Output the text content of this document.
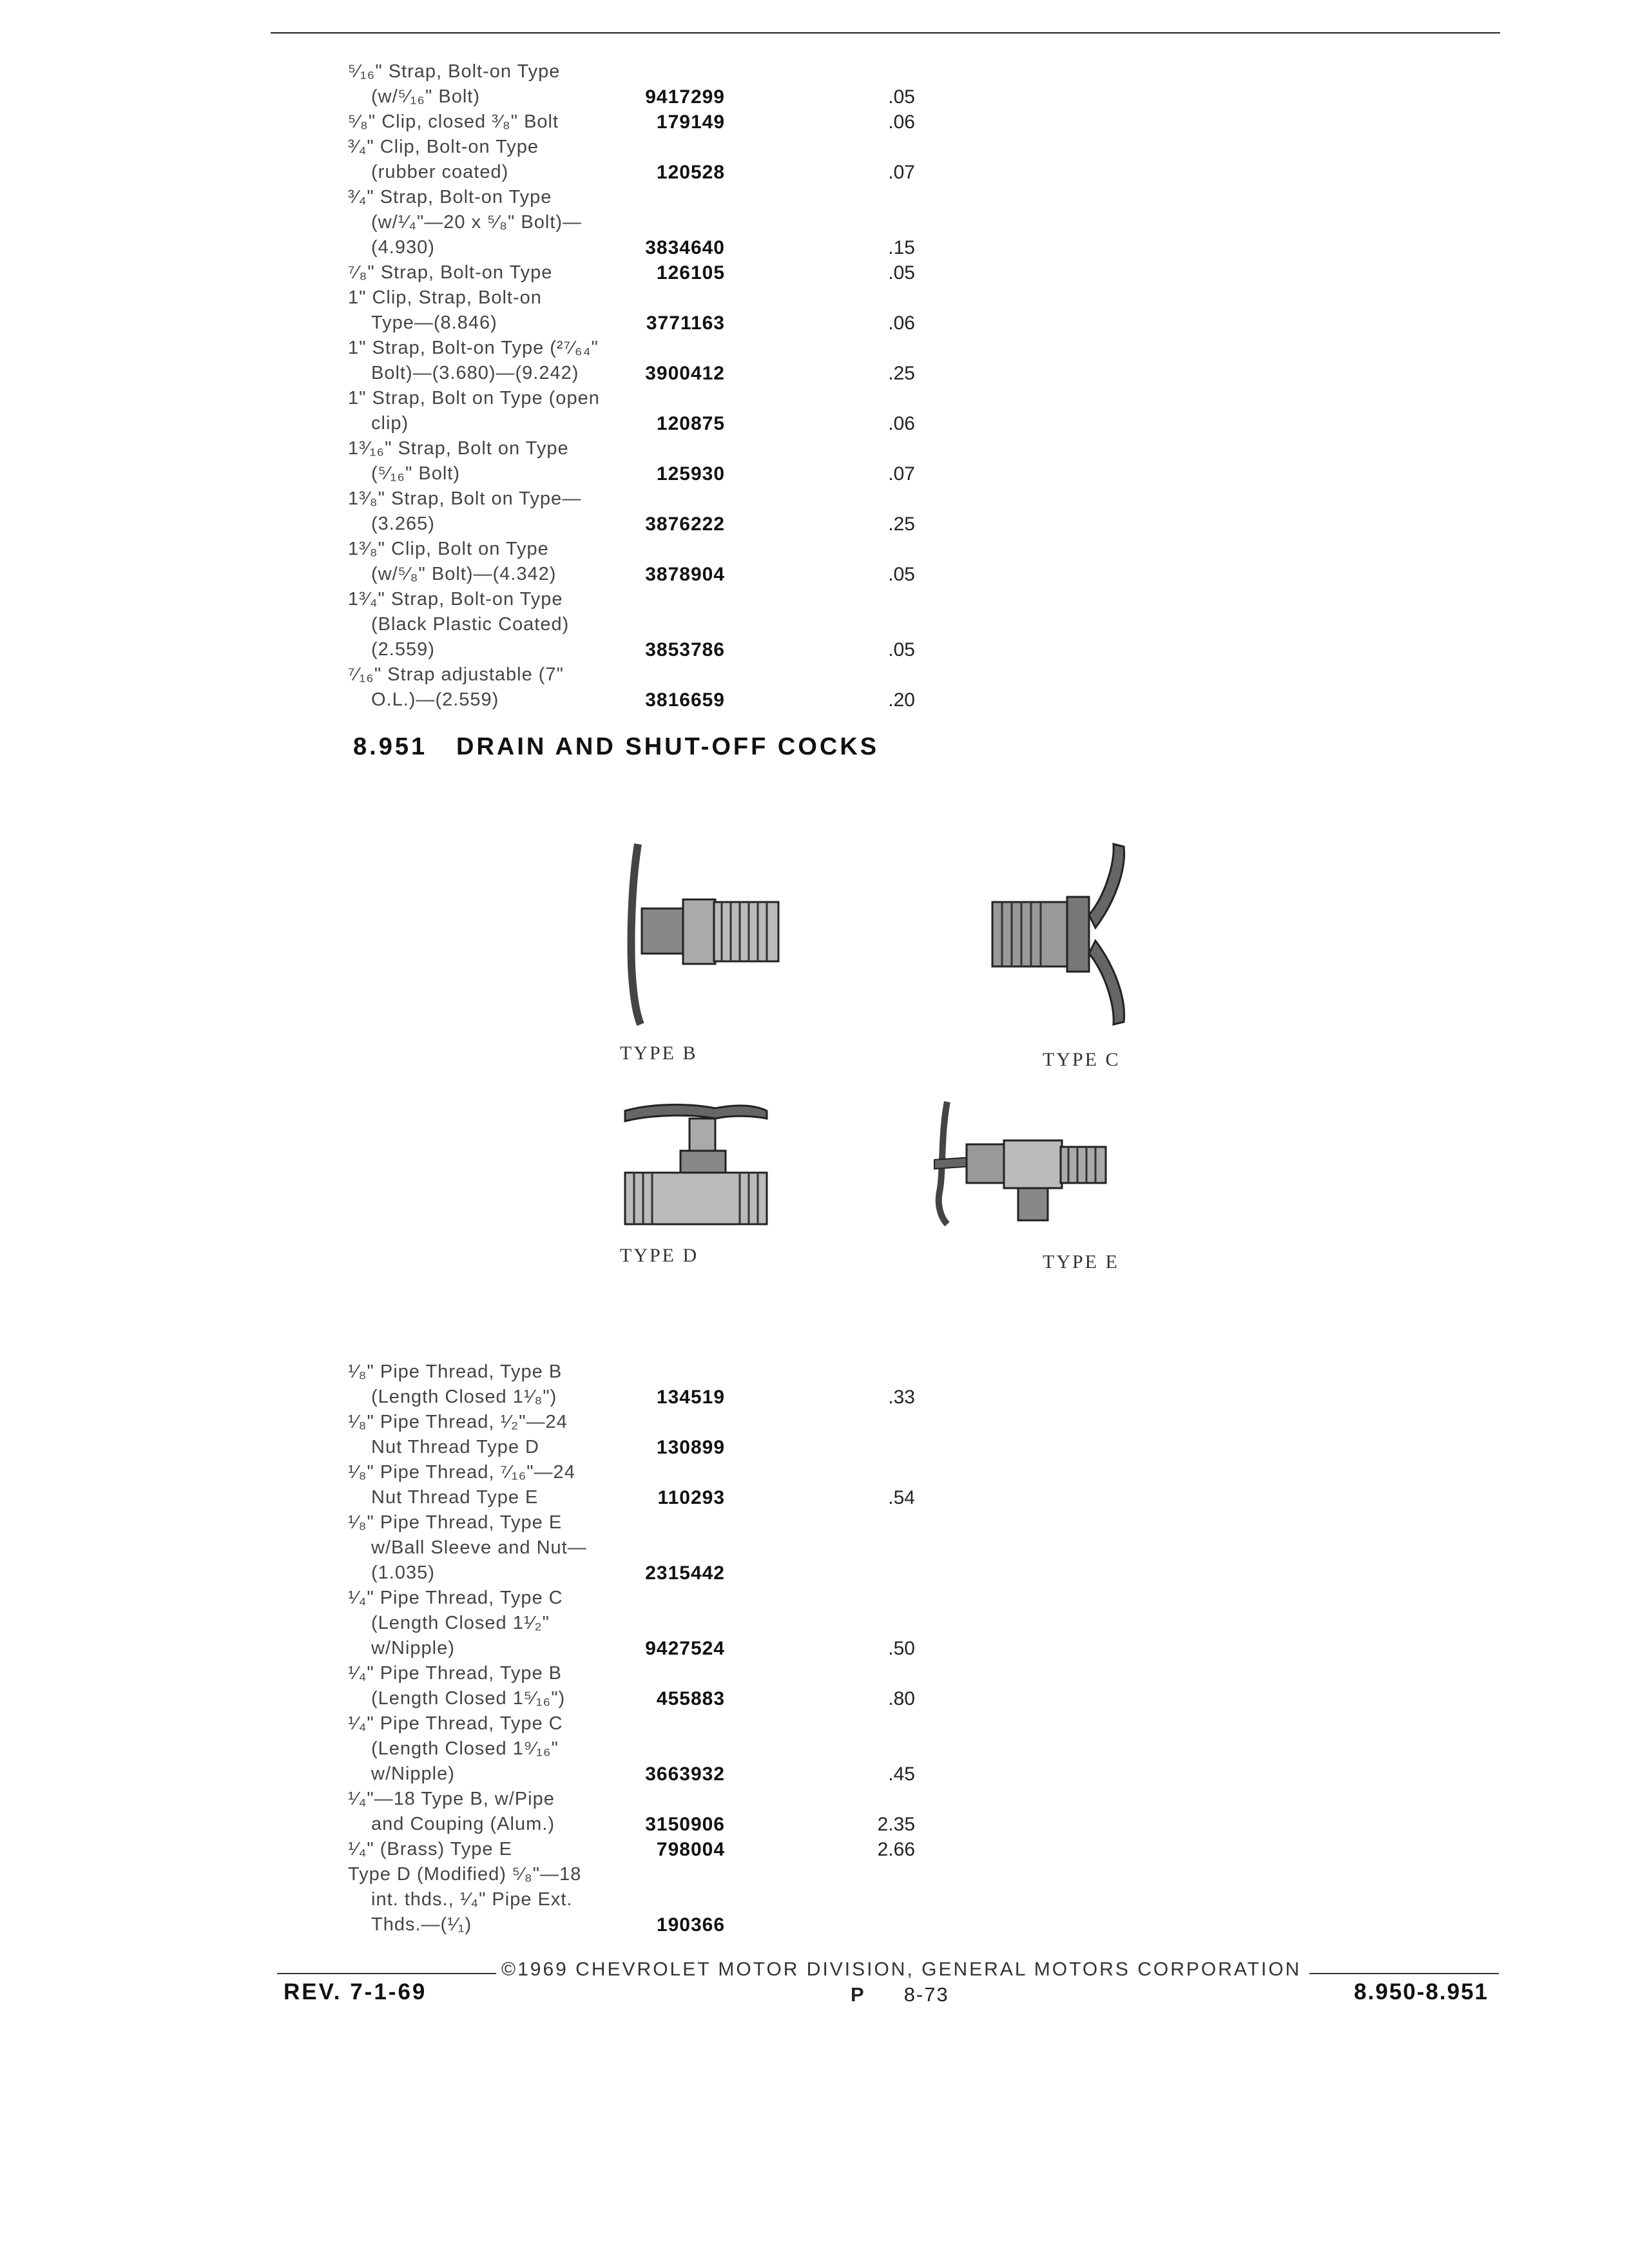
⁵⁄₁₆" Strap, Bolt-on Type
(w/⁵⁄₁₆" Bolt)	9417299	.05
⁵⁄₈" Clip, closed ³⁄₈" Bolt	179149	.06
³⁄₄" Clip, Bolt-on Type
(rubber coated)	120528	.07
³⁄₄" Strap, Bolt-on Type
(w/¹⁄₄"—20 x ⁵⁄₈" Bolt)—
(4.930)	3834640	.15
⁷⁄₈" Strap, Bolt-on Type	126105	.05
1" Clip, Strap, Bolt-on
Type—(8.846)	3771163	.06
1" Strap, Bolt-on Type (²⁷⁄₆₄"
Bolt)—(3.680)—(9.242)	3900412	.25
1" Strap, Bolt on Type (open
clip)	120875	.06
1³⁄₁₆" Strap, Bolt on Type
(⁵⁄₁₆" Bolt)	125930	.07
1³⁄₈" Strap, Bolt on Type—
(3.265)	3876222	.25
1³⁄₈" Clip, Bolt on Type
(w/⁵⁄₈" Bolt)—(4.342)	3878904	.05
1³⁄₄" Strap, Bolt-on Type
(Black Plastic Coated)
(2.559)	3853786	.05
⁷⁄₁₆" Strap adjustable (7"
O.L.)—(2.559)	3816659	.20
8.951 DRAIN AND SHUT-OFF COCKS
TYPE B	TYPE C
TYPE D	TYPE E
¹⁄₈" Pipe Thread, Type B
(Length Closed 1¹⁄₈")	134519	.33
¹⁄₈" Pipe Thread, ¹⁄₂"—24
Nut Thread Type D	130899
¹⁄₈" Pipe Thread, ⁷⁄₁₆"—24
Nut Thread Type E	110293	.54
¹⁄₈" Pipe Thread, Type E
w/Ball Sleeve and Nut—
(1.035)	2315442
¹⁄₄" Pipe Thread, Type C
(Length Closed 1¹⁄₂"
w/Nipple)	9427524	.50
¹⁄₄" Pipe Thread, Type B
(Length Closed 1⁵⁄₁₆")	455883	.80
¹⁄₄" Pipe Thread, Type C
(Length Closed 1⁹⁄₁₆"
w/Nipple)	3663932	.45
¹⁄₄"—18 Type B, w/Pipe
and Couping (Alum.)	3150906	2.35
¹⁄₄" (Brass) Type E	798004	2.66
Type D (Modified) ⁵⁄₈"—18
int. thds., ¹⁄₄" Pipe Ext.
Thds.—(¹⁄₁)	190366
©1969 CHEVROLET MOTOR DIVISION, GENERAL MOTORS CORPORATION
REV. 7-1-69	P 8-73	8.950-8.951
